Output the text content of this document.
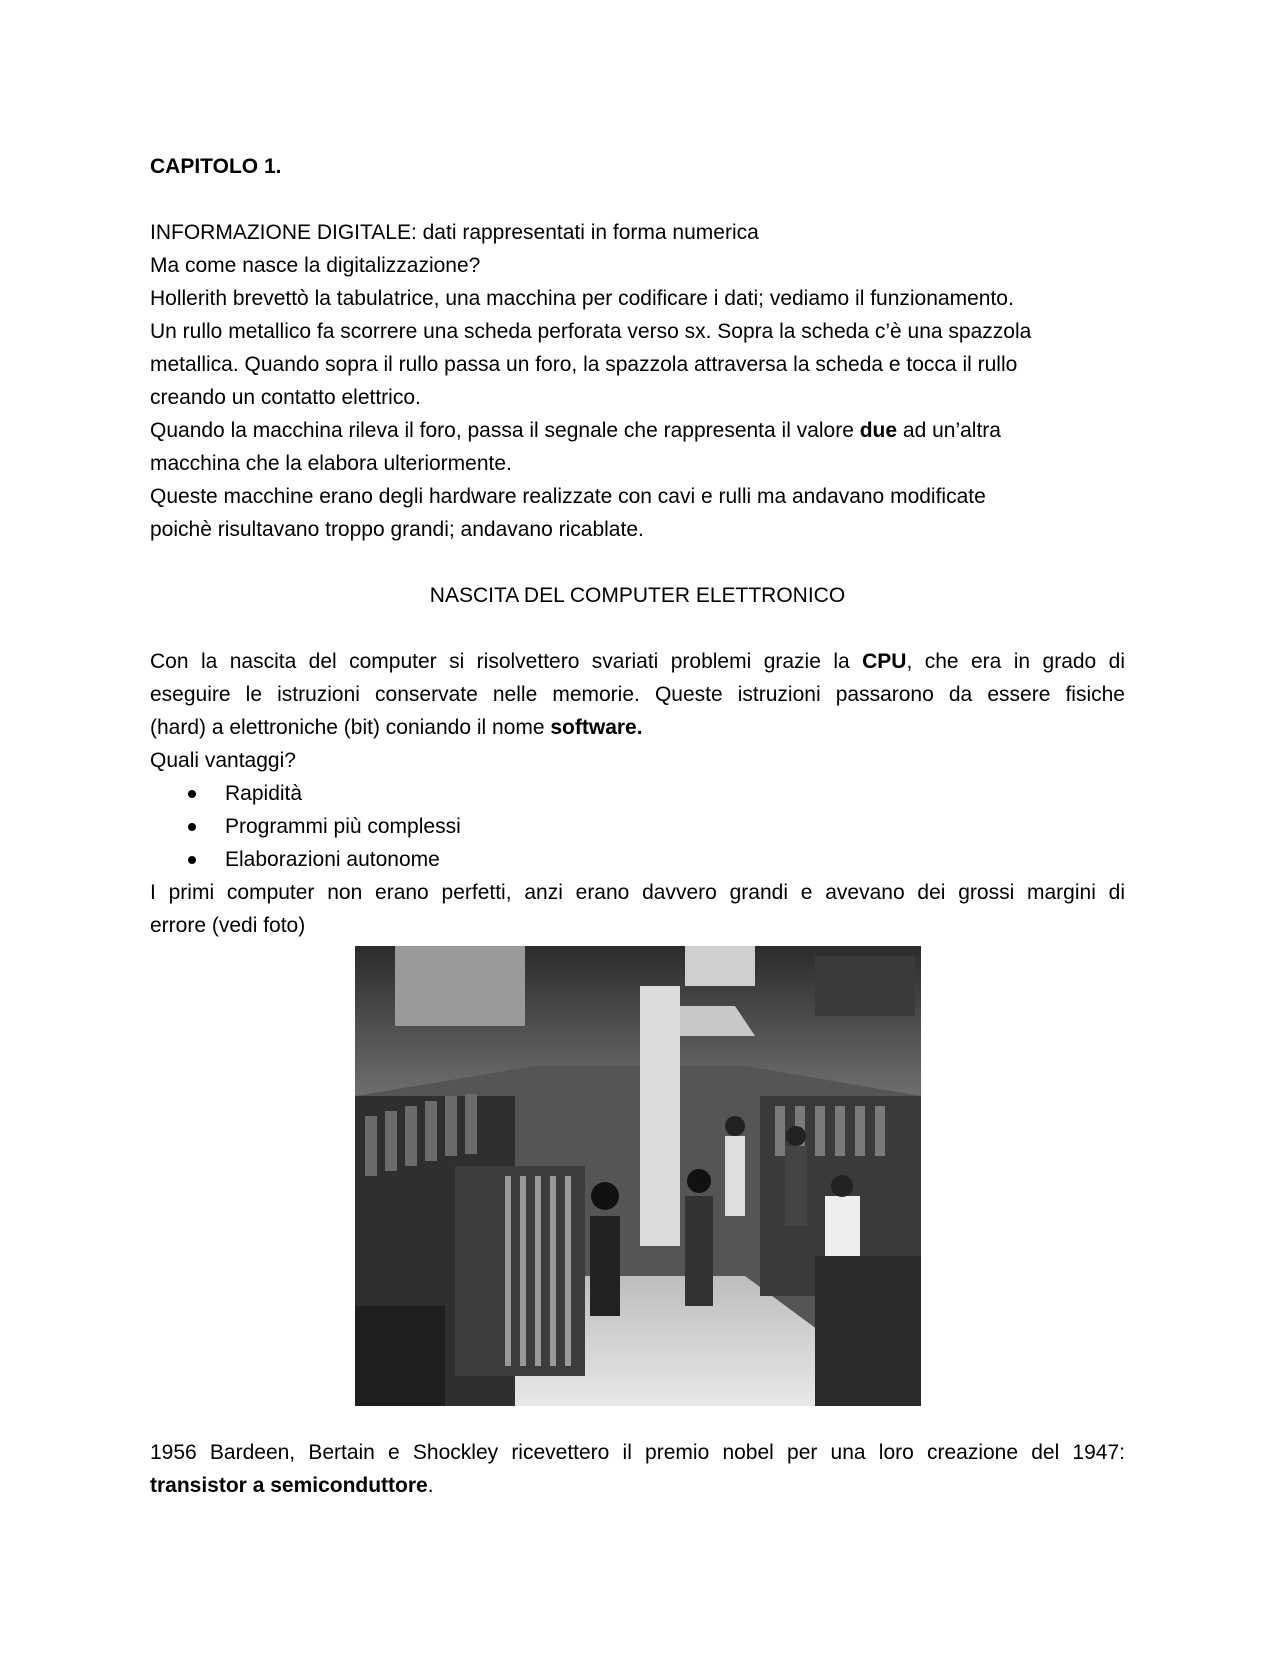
CAPITOLO 1.
INFORMAZIONE DIGITALE: dati rappresentati in forma numerica
Ma come nasce la digitalizzazione?
Hollerith brevettò la tabulatrice, una macchina per codificare i dati; vediamo il funzionamento.
Un rullo metallico fa scorrere una scheda perforata verso sx. Sopra la scheda c’è una spazzola
metallica. Quando sopra il rullo passa un foro, la spazzola attraversa la scheda e tocca il rullo
creando un contatto elettrico.
Quando la macchina rileva il foro, passa il segnale che rappresenta il valore due ad un’altra
macchina che la elabora ulteriormente.
Queste macchine erano degli hardware realizzate con cavi e rulli ma andavano modificate
poichè risultavano troppo grandi; andavano ricablate.
NASCITA DEL COMPUTER ELETTRONICO
Con la nascita del computer si risolvettero svariati problemi grazie la CPU, che era in grado di
eseguire le istruzioni conservate nelle memorie. Queste istruzioni passarono da essere fisiche
(hard) a elettroniche (bit) coniando il nome software.
Quali vantaggi?
Rapidità
Programmi più complessi
Elaborazioni autonome
I primi computer non erano perfetti, anzi erano davvero grandi e avevano dei grossi margini di
errore (vedi foto)
1956 Bardeen, Bertain e Shockley ricevettero il premio nobel per una loro creazione del 1947:
transistor a semiconduttore.
